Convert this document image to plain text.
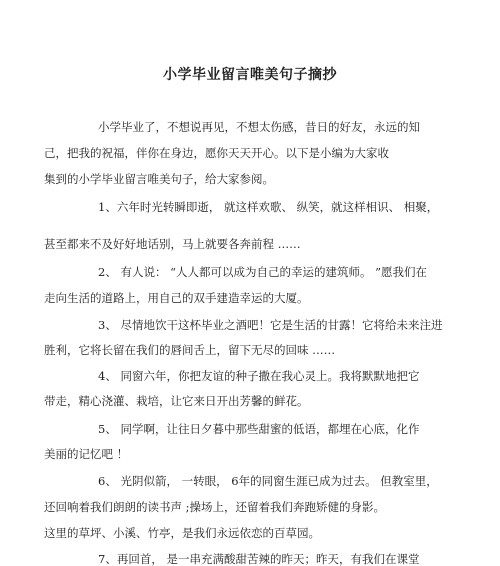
小学毕业留言唯美句子摘抄
小学毕业了，不想说再见，不想太伤感，昔日的好友，永远的知
己，把我的祝福，伴你在身边，愿你天天开心。以下是小编为大家收
集到的小学毕业留言唯美句子，给大家参阅。
1、六年时光转瞬即逝， 就这样欢歌、 纵笑，就这样相识、 相聚，
甚至都来不及好好地话别，马上就要各奔前程 ……
2、 有人说： “人人都可以成为自己的幸运的建筑师。 ”愿我们在
走向生活的道路上，用自己的双手建造幸运的大厦。
3、 尽情地饮干这杯毕业之酒吧！它是生活的甘露！它将给未来注进
胜利，它将长留在我们的唇间舌上，留下无尽的回味 ……
4、 同窗六年，你把友谊的种子撒在我心灵上。我将默默地把它
带走，精心浇灌、栽培，让它来日开出芳馨的鲜花。
5、 同学啊，让往日夕暮中那些甜蜜的低语，都埋在心底，化作
美丽的记忆吧 ！
6、 光阴似箭， 一转眼， 6年的同窗生涯已成为过去。 但教室里，
还回响着我们朗朗的读书声 ;操场上，还留着我们奔跑矫健的身影。
这里的草坪、小溪、竹亭，是我们永远依恋的百草园。
7、再回首， 是一串充满酸甜苦辣的昨天；昨天，有我们在课堂
